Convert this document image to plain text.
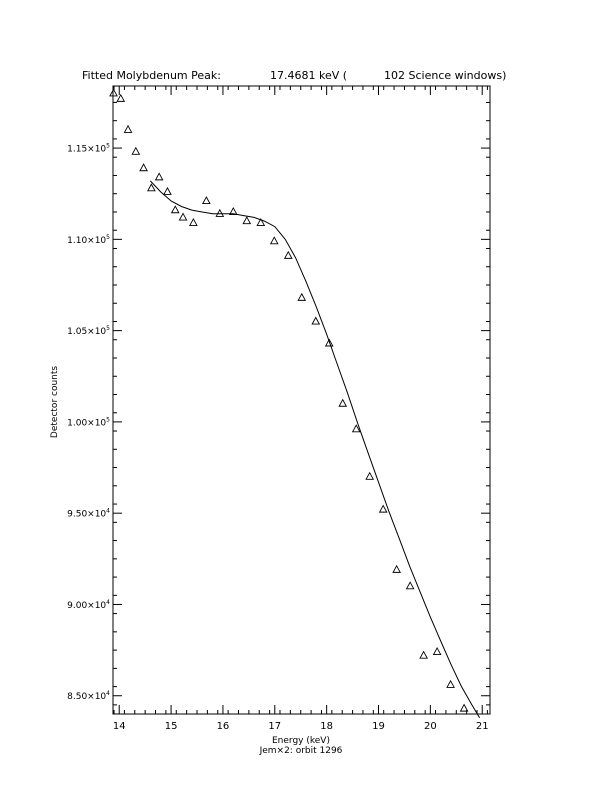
Fitted Molybdenum Peak:	17.4681 keV (	102 Science windows)
14	15	16	17	18	19	20	21
$8.50\times 10^4$
$9.00\times 10^4$
$9.50\times 10^4$
$1.00\times 10^5$
$1.05\times 10^5$
$1.10\times 10^5$
$1.15\times 10^5$
Energy (keV)
Jem×2: orbit 1296
Detector counts
